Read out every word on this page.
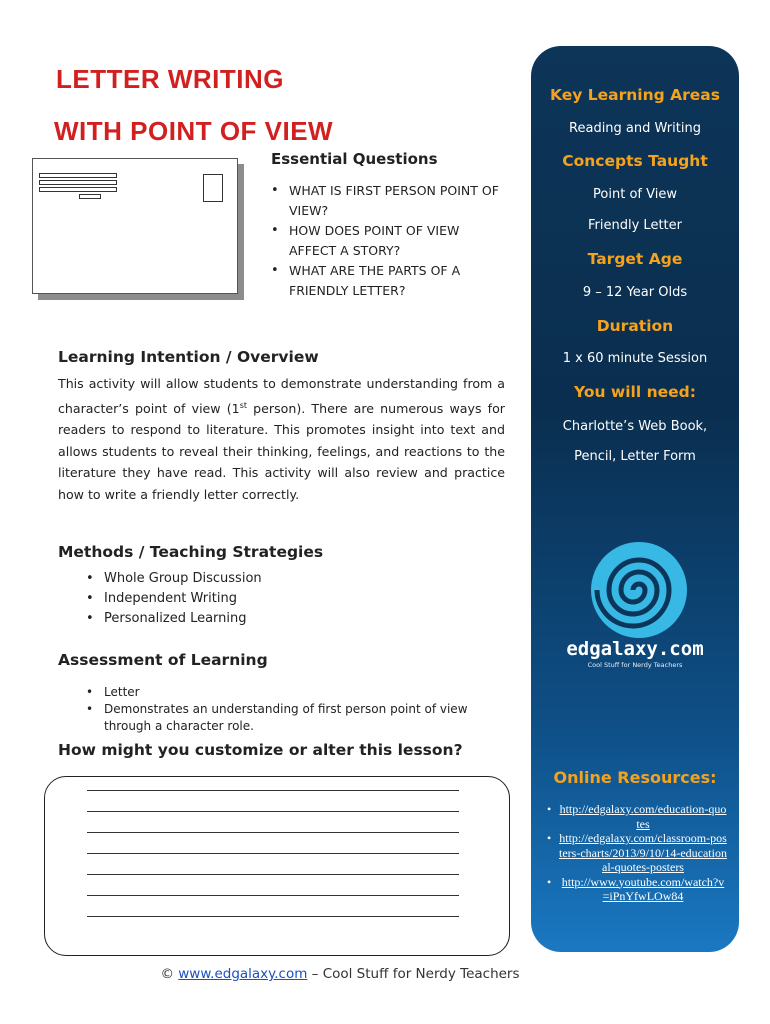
LETTER WRITING
WITH POINT OF VIEW
Essential Questions
• WHAT IS FIRST PERSON POINT OF VIEW?
• HOW DOES POINT OF VIEW AFFECT A STORY?
• WHAT ARE THE PARTS OF A FRIENDLY LETTER?
Learning Intention / Overview
This activity will allow students to demonstrate understanding from a character’s point of view (1st person). There are numerous ways for readers to respond to literature. This promotes insight into text and allows students to reveal their thinking, feelings, and reactions to the literature they have read. This activity will also review and practice how to write a friendly letter correctly.
Methods / Teaching Strategies
• Whole Group Discussion
• Independent Writing
• Personalized Learning
Assessment of Learning
• Letter
• Demonstrates an understanding of first person point of view through a character role.
How might you customize or alter this lesson?
Key Learning Areas
Reading and Writing
Concepts Taught
Point of View
Friendly Letter
Target Age
9 – 12 Year Olds
Duration
1 x 60 minute Session
You will need:
Charlotte’s Web Book,
Pencil, Letter Form
edgalaxy.com
Cool Stuff for Nerdy Teachers
Online Resources:
• http://edgalaxy.com/education-quotes
• http://edgalaxy.com/classroom-posters-charts/2013/9/10/14-educational-quotes-posters
• http://www.youtube.com/watch?v=iPnYfwLOw84
© www.edgalaxy.com – Cool Stuff for Nerdy Teachers
